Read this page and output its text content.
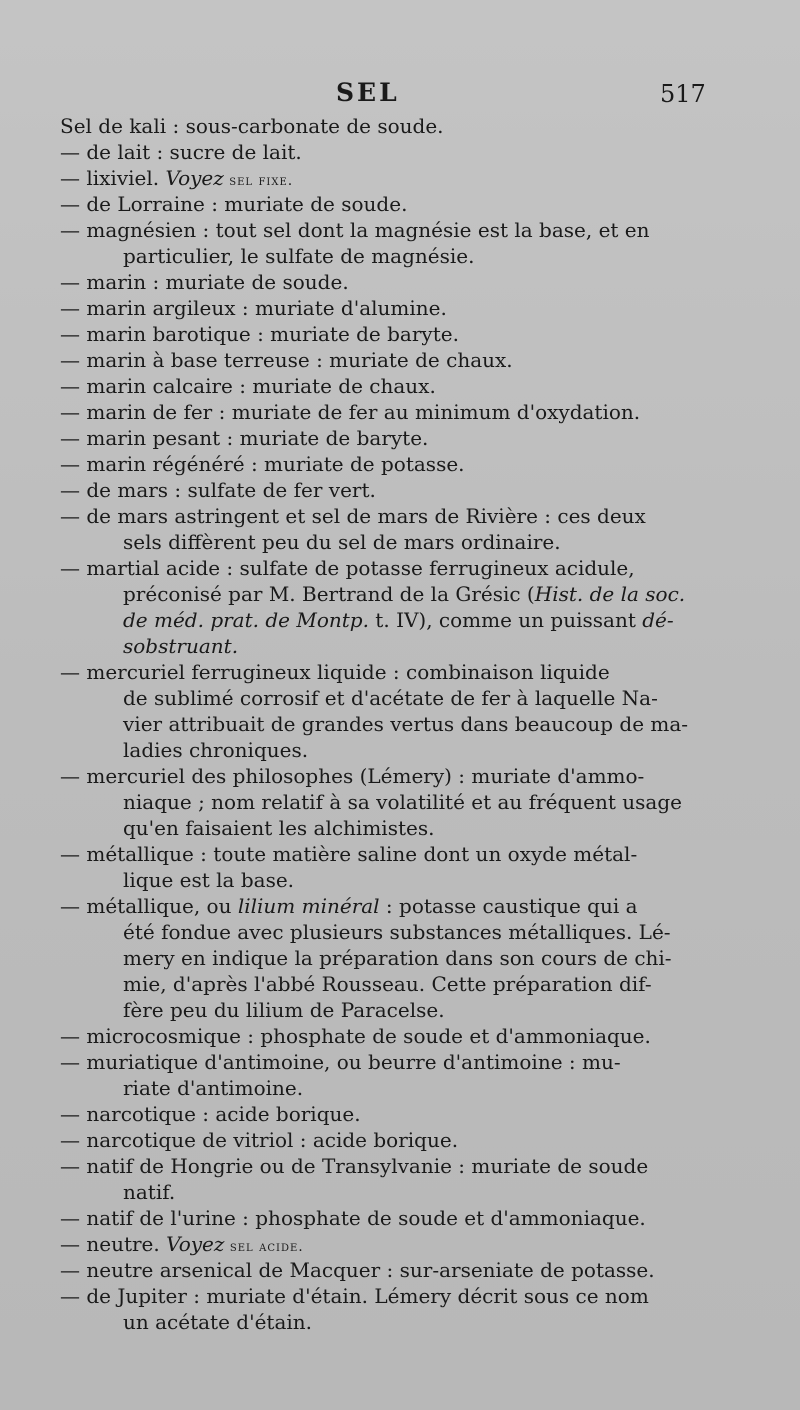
SEL	517
Sel de kali : sous-carbonate de soude.
— de lait : sucre de lait.
— lixiviel. Voyez sel fixe.
— de Lorraine : muriate de soude.
— magnésien : tout sel dont la magnésie est la base, et en
particulier, le sulfate de magnésie.
— marin : muriate de soude.
— marin argileux : muriate d'alumine.
— marin barotique : muriate de baryte.
— marin à base terreuse : muriate de chaux.
— marin calcaire : muriate de chaux.
— marin de fer : muriate de fer au minimum d'oxydation.
— marin pesant : muriate de baryte.
— marin régénéré : muriate de potasse.
— de mars : sulfate de fer vert.
— de mars astringent et sel de mars de Rivière : ces deux
sels diffèrent peu du sel de mars ordinaire.
— martial acide : sulfate de potasse ferrugineux acidule,
préconisé par M. Bertrand de la Grésic (Hist. de la soc.
de méd. prat. de Montp. t. IV), comme un puissant dé-
sobstruant.
— mercuriel ferrugineux liquide : combinaison liquide
de sublimé corrosif et d'acétate de fer à laquelle Na-
vier attribuait de grandes vertus dans beaucoup de ma-
ladies chroniques.
— mercuriel des philosophes (Lémery) : muriate d'ammo-
niaque ; nom relatif à sa volatilité et au fréquent usage
qu'en faisaient les alchimistes.
— métallique : toute matière saline dont un oxyde métal-
lique est la base.
— métallique, ou lilium minéral : potasse caustique qui a
été fondue avec plusieurs substances métalliques. Lé-
mery en indique la préparation dans son cours de chi-
mie, d'après l'abbé Rousseau. Cette préparation dif-
fère peu du lilium de Paracelse.
— microcosmique : phosphate de soude et d'ammoniaque.
— muriatique d'antimoine, ou beurre d'antimoine : mu-
riate d'antimoine.
— narcotique : acide borique.
— narcotique de vitriol : acide borique.
— natif de Hongrie ou de Transylvanie : muriate de soude
natif.
— natif de l'urine : phosphate de soude et d'ammoniaque.
— neutre. Voyez sel acide.
— neutre arsenical de Macquer : sur-arseniate de potasse.
— de Jupiter : muriate d'étain. Lémery décrit sous ce nom
un acétate d'étain.
